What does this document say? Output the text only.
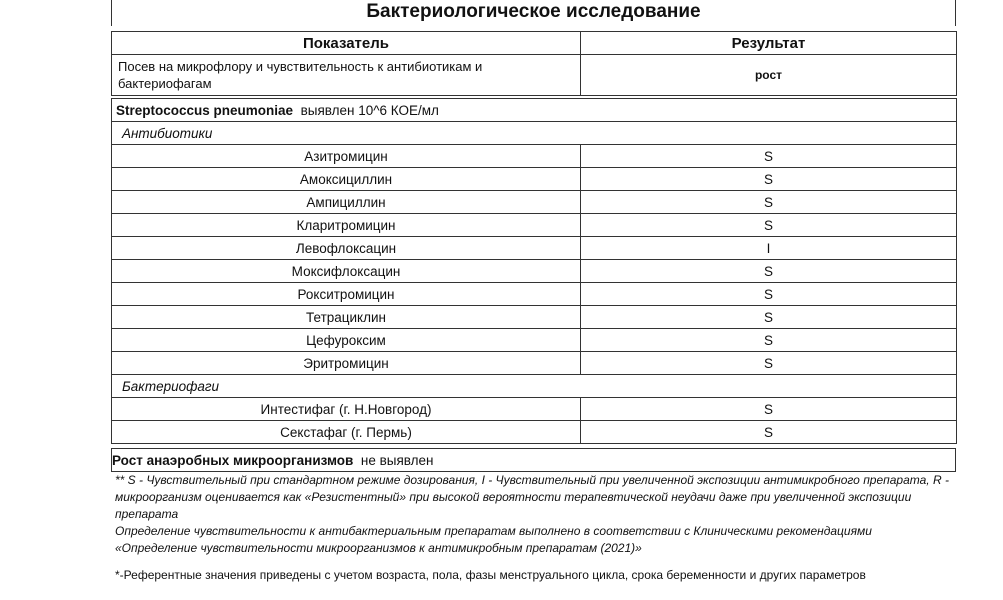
Бактериологическое исследование
Показатель	Результат
Посев на микрофлору и чувствительность к антибиотикам и бактериофагам	рост
Streptococcus pneumoniae выявлен 10^6 КОЕ/мл	
Антибиотики	
Азитромицин	S
Амоксициллин	S
Ампициллин	S
Кларитромицин	S
Левофлоксацин	I
Моксифлоксацин	S
Рокситромицин	S
Тетрациклин	S
Цефуроксим	S
Эритромицин	S
Бактериофаги	
Интестифаг (г. Н.Новгород)	S
Секстафаг (г. Пермь)	S
Рост анаэробных микроорганизмов не выявлен
** S - Чувствительный при стандартном режиме дозирования, I - Чувствительный при увеличенной экспозиции антимикробного препарата, R - микроорганизм оценивается как «Резистентный» при высокой вероятности терапевтической неудачи даже при увеличенной экспозиции препарата
Определение чувствительности к антибактериальным препаратам выполнено в соответствии с Клиническими рекомендациями «Определение чувствительности микроорганизмов к антимикробным препаратам (2021)»
*-Референтные значения приведены с учетом возраста, пола, фазы менструального цикла, срока беременности и других параметров
